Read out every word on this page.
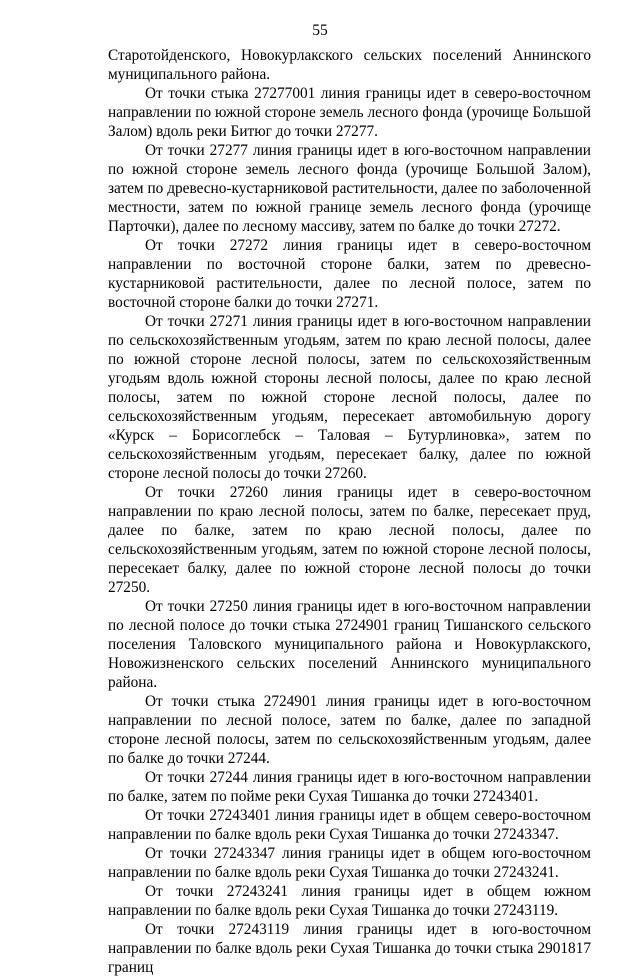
55

Старотойденского, Новокурлакского сельских поселений Аннинского муниципального района.

От точки стыка 27277001 линия границы идет в северо-восточном направлении по южной стороне земель лесного фонда (урочище Большой Залом) вдоль реки Битюг до точки 27277.

От точки 27277 линия границы идет в юго-восточном направлении по южной стороне земель лесного фонда (урочище Большой Залом), затем по древесно-кустарниковой растительности, далее по заболоченной местности, затем по южной границе земель лесного фонда (урочище Парточки), далее по лесному массиву, затем по балке до точки 27272.

От точки 27272 линия границы идет в северо-восточном направлении по восточной стороне балки, затем по древесно-кустарниковой растительности, далее по лесной полосе, затем по восточной стороне балки до точки 27271.

От точки 27271 линия границы идет в юго-восточном направлении по сельскохозяйственным угодьям, затем по краю лесной полосы, далее по южной стороне лесной полосы, затем по сельскохозяйственным угодьям вдоль южной стороны лесной полосы, далее по краю лесной полосы, затем по южной стороне лесной полосы, далее по сельскохозяйственным угодьям, пересекает автомобильную дорогу «Курск – Борисоглебск – Таловая – Бутурлиновка», затем по сельскохозяйственным угодьям, пересекает балку, далее по южной стороне лесной полосы до точки 27260.

От точки 27260 линия границы идет в северо-восточном направлении по краю лесной полосы, затем по балке, пересекает пруд, далее по балке, затем по краю лесной полосы, далее по сельскохозяйственным угодьям, затем по южной стороне лесной полосы, пересекает балку, далее по южной стороне лесной полосы до точки 27250.

От точки 27250 линия границы идет в юго-восточном направлении по лесной полосе до точки стыка 2724901 границ Тишанского сельского поселения Таловского муниципального района и Новокурлакского, Новожизненского сельских поселений Аннинского муниципального района.

От точки стыка 2724901 линия границы идет в юго-восточном направлении по лесной полосе, затем по балке, далее по западной стороне лесной полосы, затем по сельскохозяйственным угодьям, далее по балке до точки 27244.

От точки 27244 линия границы идет в юго-восточном направлении по балке, затем по пойме реки Сухая Тишанка до точки 27243401.

От точки 27243401 линия границы идет в общем северо-восточном направлении по балке вдоль реки Сухая Тишанка до точки 27243347.

От точки 27243347 линия границы идет в общем юго-восточном направлении по балке вдоль реки Сухая Тишанка до точки 27243241.

От точки 27243241 линия границы идет в общем южном направлении по балке вдоль реки Сухая Тишанка до точки 27243119.

От точки 27243119 линия границы идет в юго-восточном направлении по балке вдоль реки Сухая Тишанка до точки стыка 2901817 границ
